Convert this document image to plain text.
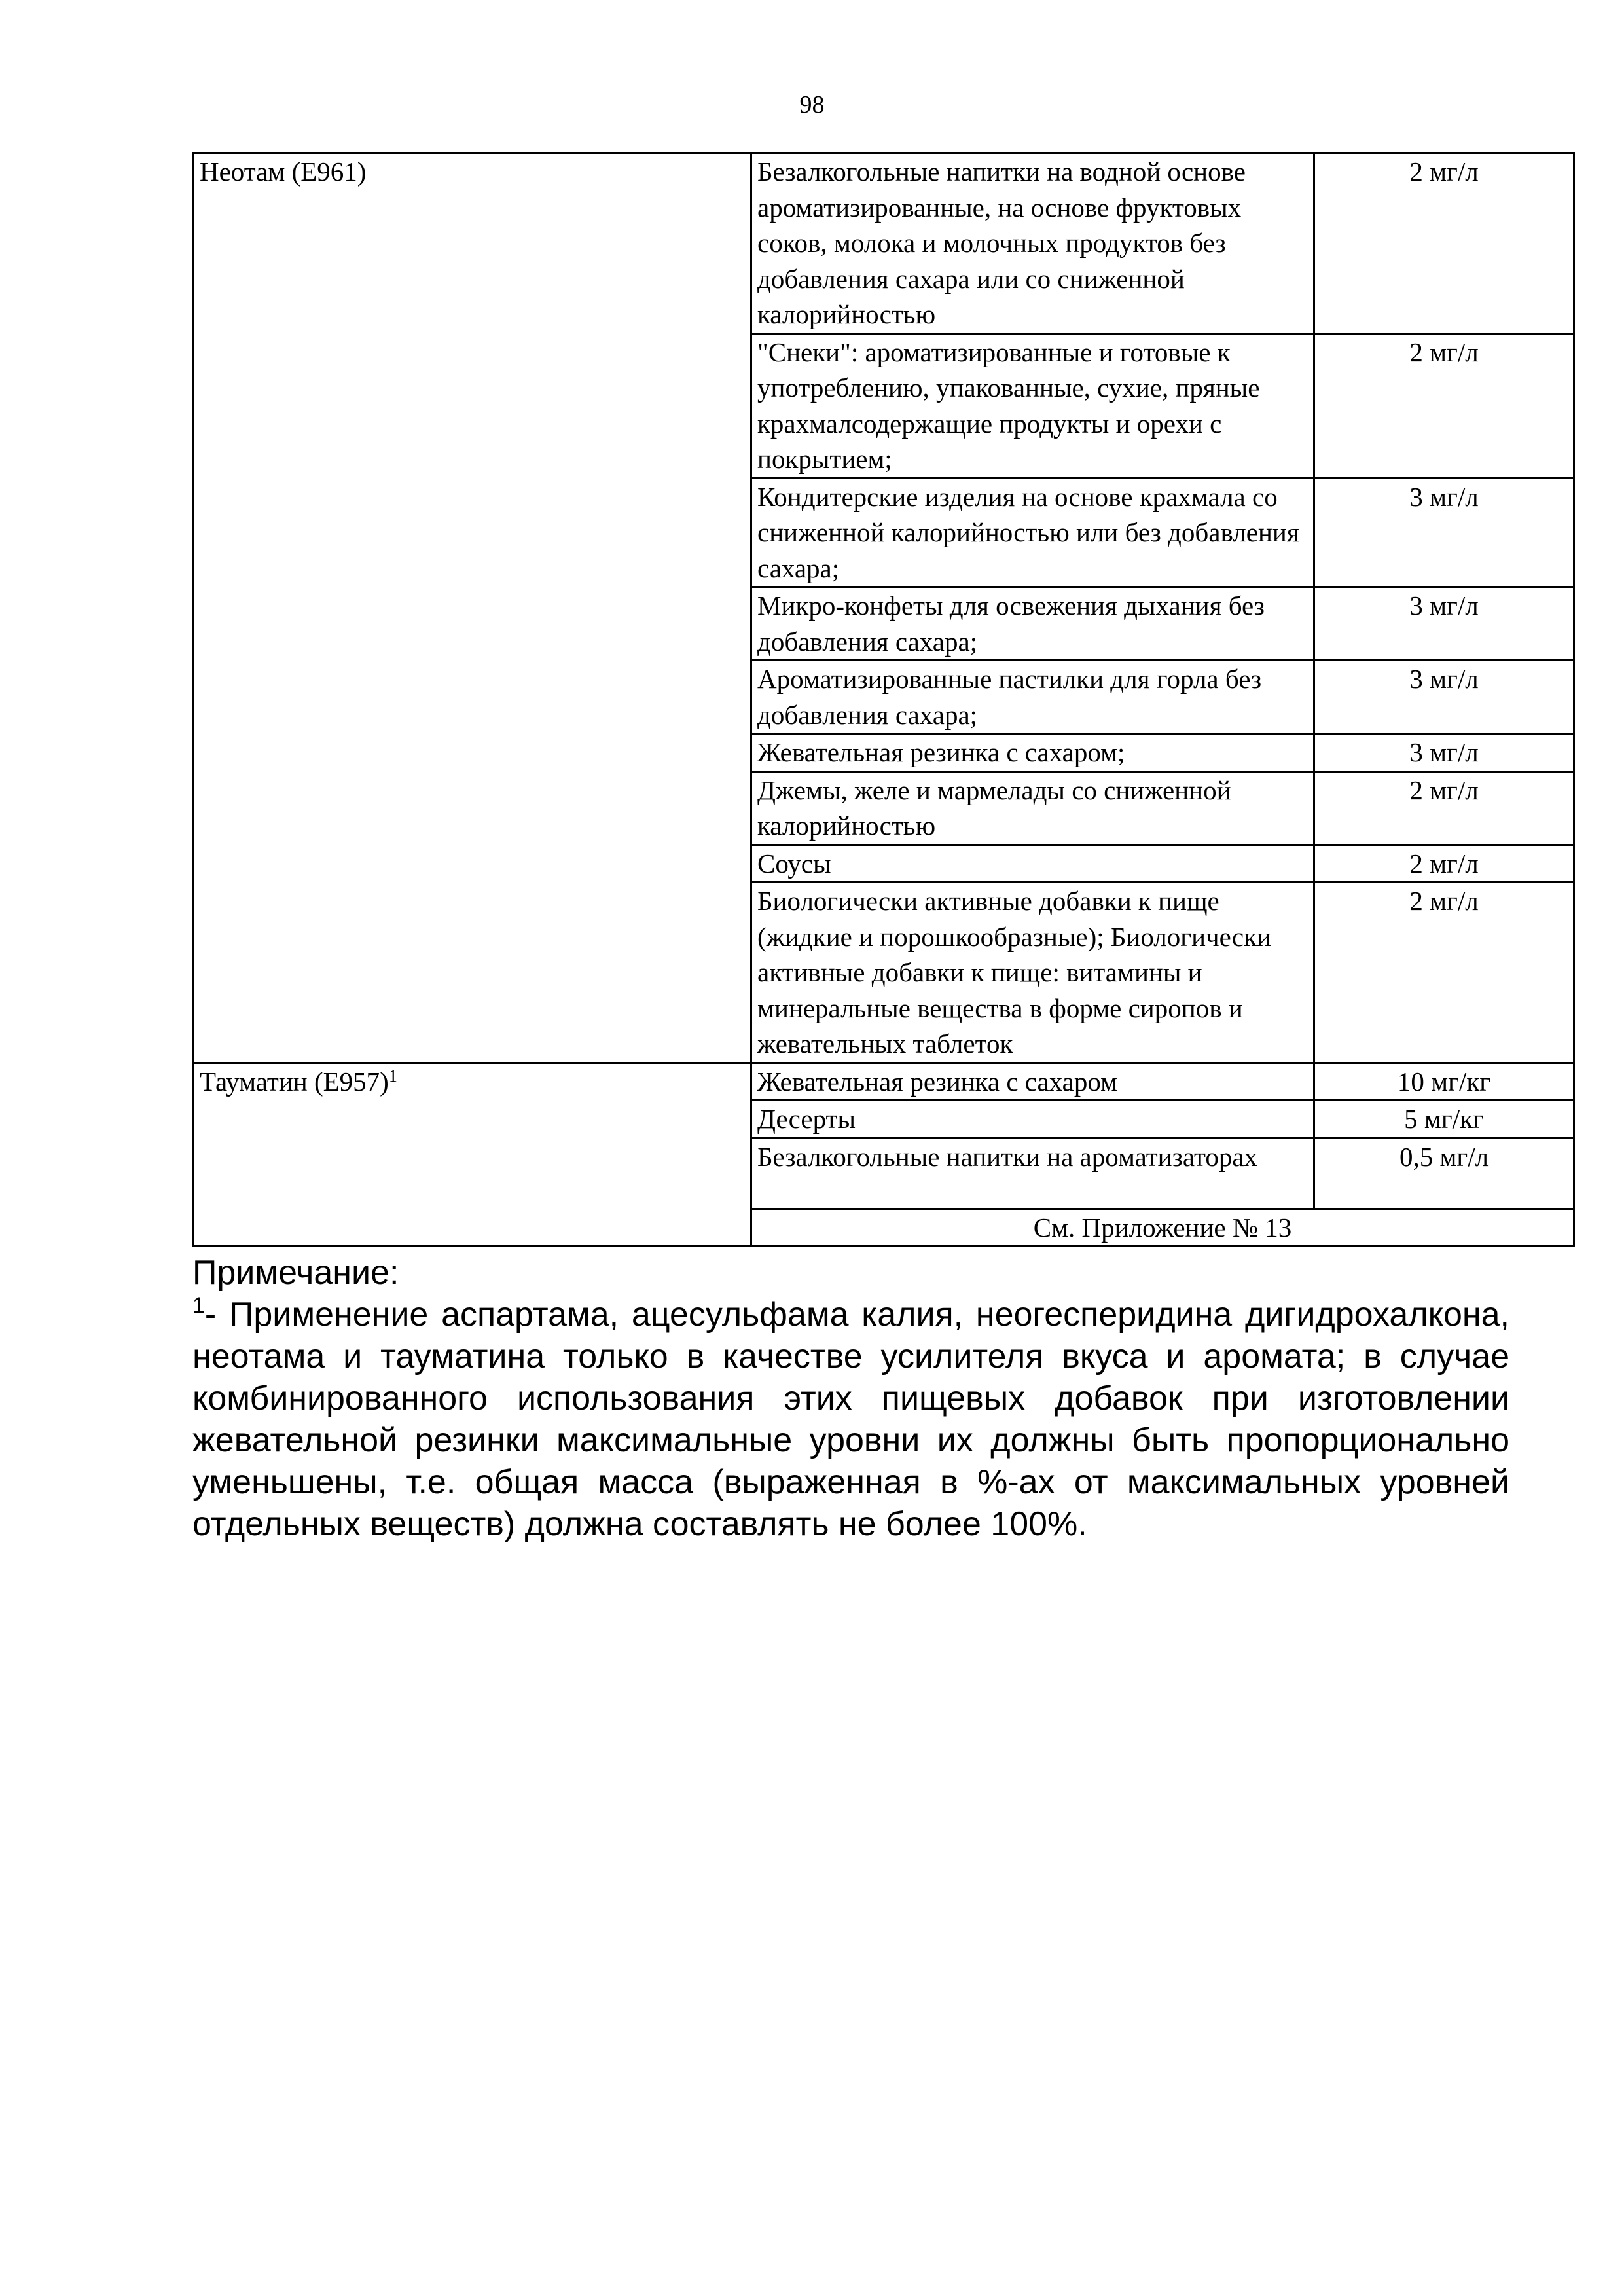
98
Неотам (Е961)	Безалкогольные напитки на водной основе ароматизированные, на основе фруктовых соков, молока и молочных продуктов без добавления сахара или со сниженной калорийностью	2 мг/л
	"Снеки": ароматизированные и готовые к употреблению, упакованные, сухие, пряные крахмалсодержащие продукты и орехи с покрытием;	2 мг/л
	Кондитерские изделия на основе крахмала со сниженной калорийностью или без добавления сахара;	3 мг/л
	Микро-конфеты для освежения дыхания без добавления сахара;	3 мг/л
	Ароматизированные пастилки для горла без добавления сахара;	3 мг/л
	Жевательная резинка с сахаром;	3 мг/л
	Джемы, желе и мармелады со сниженной калорийностью	2 мг/л
	Соусы	2 мг/л
	Биологически активные добавки к пище (жидкие и порошкообразные); Биологически активные добавки к пище: витамины и минеральные вещества в форме сиропов и жевательных таблеток	2 мг/л
Тауматин $(Е957)^1$	Жевательная резинка с сахаром	10 мг/кг
	Десерты	5 мг/кг
	Безалкогольные напитки на ароматизаторах	0,5 мг/л
	См. Приложение № 13	

Примечание:

$^1$- Применение аспартама, ацесульфама калия, неогесперидина дигидрохалкона, неотама и тауматина только в качестве усилителя вкуса и аромата; в случае комбинированного использования этих пищевых добавок при изготовлении жевательной резинки максимальные уровни их должны быть пропорционально уменьшены, т.е. общая масса (выраженная в %-ах от максимальных уровней отдельных веществ) должна составлять не более 100%.
